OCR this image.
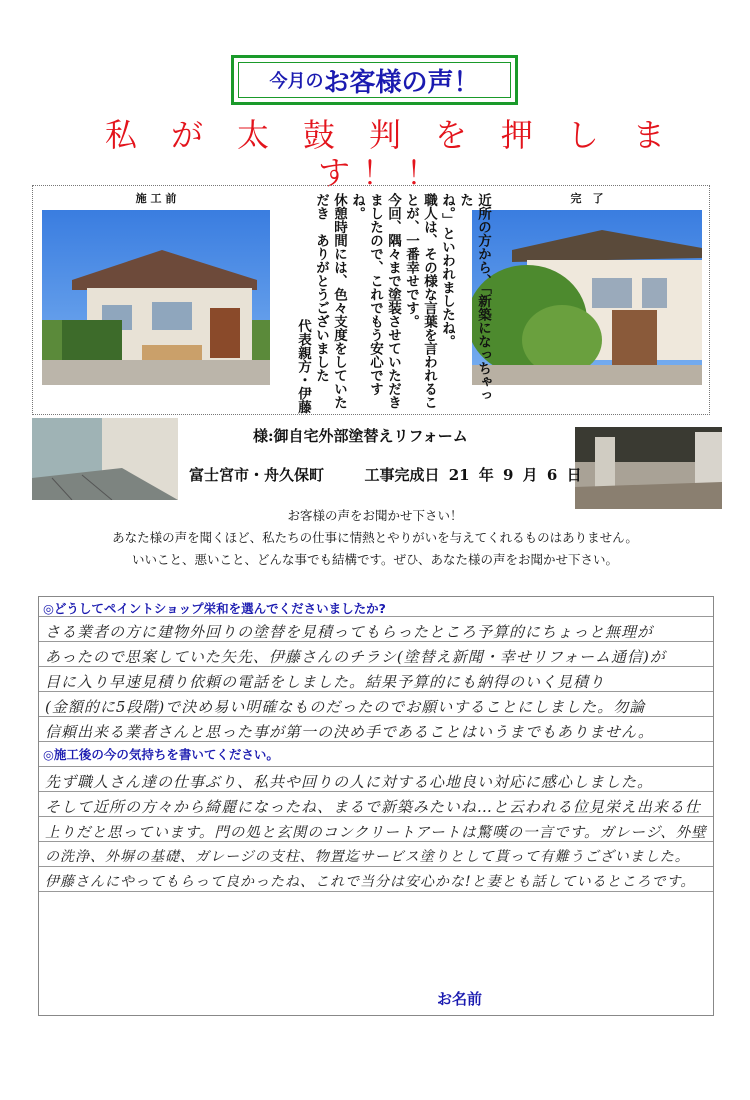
今月の お客様の声！
私 が 太 鼓 判 を 押 し ま
す ！ ！
施 工 前	完　了
近所の方から、「新築になっちゃった
ね。」といわれましたね。
職人は、その様な言葉を言われるこ
とが、一番幸せです。
今回、隅々まで塗装させていただき
ましたので、これでもう安心ですね。
休憩時間には、色々支度をしていた
だき　ありがとうございました

代表親方・伊藤
様:御自宅外部塗替えリフォーム
富士宮市・舟久保町	工事完成日 21 年 9 月 6 日
お客様の声をお聞かせ下さい！
あなた様の声を聞くほど、私たちの仕事に情熱とやりがいを与えてくれるものはありません。
いいこと、悪いこと、どんな事でも結構です。ぜひ、あなた様の声をお聞かせ下さい。
◎どうしてペイントショップ栄和を選んでくださいましたか?
さる業者の方に建物外回りの塗替を見積ってもらったところ予算的にちょっと無理が
あったので思案していた矢先、伊藤さんのチラシ(塗替え新聞・幸せリフォーム通信)が
目に入り早速見積り依頼の電話をしました。結果予算的にも納得のいく見積り
(金額的に5段階)で決め易い明確なものだったのでお願いすることにしました。勿論
信頼出来る業者さんと思った事が第一の決め手であることはいうまでもありません。
◎施工後の今の気持ちを書いてください。
先ず職人さん達の仕事ぶり、私共や回りの人に対する心地良い対応に感心しました。
そして近所の方々から綺麗になったね、まるで新築みたいね…と云われる位見栄え出来る仕
上りだと思っています。門の処と玄関のコンクリートアートは驚嘆の一言です。ガレージ、外壁
の洗浄、外塀の基礎、ガレージの支柱、物置迄サービス塗りとして貰って有難うございました。
伊藤さんにやってもらって良かったね、これで当分は安心かな!と妻とも話しているところです。
お名前
